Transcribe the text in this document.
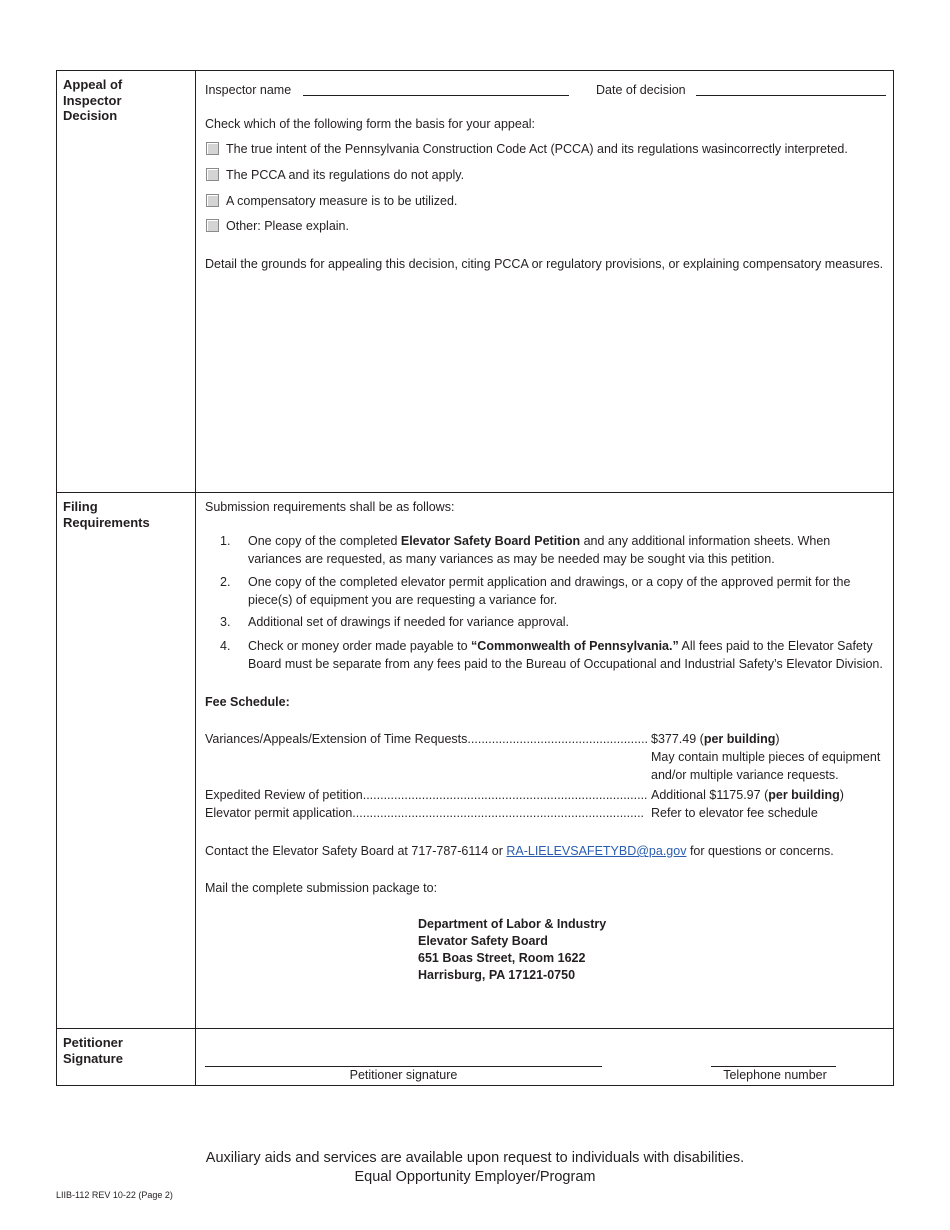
Appeal of Inspector Decision
Inspector name	Date of decision
Check which of the following form the basis for your appeal:
The true intent of the Pennsylvania Construction Code Act (PCCA) and its regulations wasincorrectly interpreted.
The PCCA and its regulations do not apply.
A compensatory measure is to be utilized.
Other: Please explain.
Detail the grounds for appealing this decision, citing PCCA or regulatory provisions, or explaining compensatory measures.
Filing Requirements
Submission requirements shall be as follows:
1. One copy of the completed Elevator Safety Board Petition and any additional information sheets. When variances are requested, as many variances as may be needed may be sought via this petition.
2. One copy of the completed elevator permit application and drawings, or a copy of the approved permit for the piece(s) of equipment you are requesting a variance for.
3. Additional set of drawings if needed for variance approval.
4. Check or money order made payable to “Commonwealth of Pennsylvania.” All fees paid to the Elevator Safety Board must be separate from any fees paid to the Bureau of Occupational and Industrial Safety’s Elevator Division.
Fee Schedule:
Variances/Appeals/Extension of Time Requests.................................................... $377.49 (per building)
May contain multiple pieces of equipment
and/or multiple variance requests.
Expedited Review of petition.................................................................................. Additional $1175.97 (per building)
Elevator permit application.................................................................................... Refer to elevator fee schedule
Contact the Elevator Safety Board at 717-787-6114 or RA-LIELEVSAFETYBD@pa.gov for questions or concerns.
Mail the complete submission package to:
Department of Labor & Industry
Elevator Safety Board
651 Boas Street, Room 1622
Harrisburg, PA 17121-0750
Petitioner Signature
Petitioner signature	Telephone number
Auxiliary aids and services are available upon request to individuals with disabilities.
Equal Opportunity Employer/Program
LIIB-112 REV 10-22 (Page 2)
